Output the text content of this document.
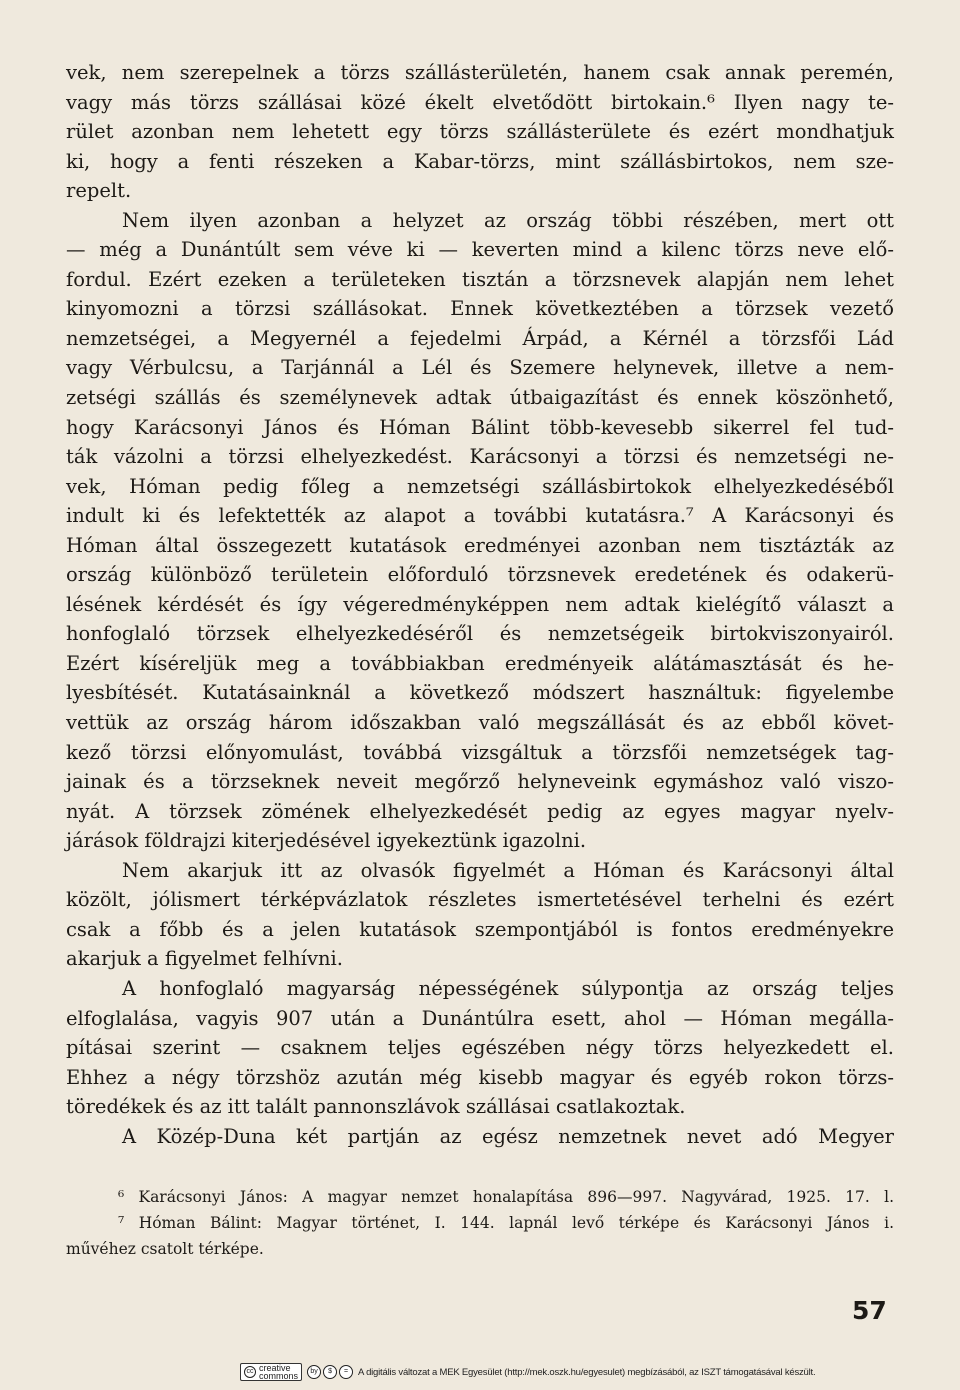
vek, nem szerepelnek a törzs szállásterületén, hanem csak annak peremén,
vagy más törzs szállásai közé ékelt elvetődött birtokain.⁶ Ilyen nagy te-
rület azonban nem lehetett egy törzs szállásterülete és ezért mondhatjuk
ki, hogy a fenti részeken a Kabar-törzs, mint szállásbirtokos, nem sze-
repelt.
Nem ilyen azonban a helyzet az ország többi részében, mert ott
— még a Dunántúlt sem véve ki — keverten mind a kilenc törzs neve elő-
fordul. Ezért ezeken a területeken tisztán a törzsnevek alapján nem lehet
kinyomozni a törzsi szállásokat. Ennek következtében a törzsek vezető
nemzetségei, a Megyernél a fejedelmi Árpád, a Kérnél a törzsfői Lád
vagy Vérbulcsu, a Tarjánnál a Lél és Szemere helynevek, illetve a nem-
zetségi szállás és személynevek adtak útbaigazítást és ennek köszönhető,
hogy Karácsonyi János és Hóman Bálint több-kevesebb sikerrel fel tud-
ták vázolni a törzsi elhelyezkedést. Karácsonyi a törzsi és nemzetségi ne-
vek, Hóman pedig főleg a nemzetségi szállásbirtokok elhelyezkedéséből
indult ki és lefektették az alapot a további kutatásra.⁷ A Karácsonyi és
Hóman által összegezett kutatások eredményei azonban nem tisztázták az
ország különböző területein előforduló törzsnevek eredetének és odakerü-
lésének kérdését és így végeredményképpen nem adtak kielégítő választ a
honfoglaló törzsek elhelyezkedéséről és nemzetségeik birtokviszonyairól.
Ezért kíséreljük meg a továbbiakban eredményeik alátámasztását és he-
lyesbítését. Kutatásainknál a következő módszert használtuk: figyelembe
vettük az ország három időszakban való megszállását és az ebből követ-
kező törzsi előnyomulást, továbbá vizsgáltuk a törzsfői nemzetségek tag-
jainak és a törzseknek neveit megőrző helyneveink egymáshoz való viszo-
nyát. A törzsek zömének elhelyezkedését pedig az egyes magyar nyelv-
járások földrajzi kiterjedésével igyekeztünk igazolni.
Nem akarjuk itt az olvasók figyelmét a Hóman és Karácsonyi által
közölt, jólismert térképvázlatok részletes ismertetésével terhelni és ezért
csak a főbb és a jelen kutatások szempontjából is fontos eredményekre
akarjuk a figyelmet felhívni.
A honfoglaló magyarság népességének súlypontja az ország teljes
elfoglalása, vagyis 907 után a Dunántúlra esett, ahol — Hóman megálla-
pításai szerint — csaknem teljes egészében négy törzs helyezkedett el.
Ehhez a négy törzshöz azután még kisebb magyar és egyéb rokon törzs-
töredékek és az itt talált pannonszlávok szállásai csatlakoztak.
A Közép-Duna két partján az egész nemzetnek nevet adó Megyer
⁶ Karácsonyi János: A magyar nemzet honalapítása 896—997. Nagyvárad, 1925. 17. l.
⁷ Hóman Bálint: Magyar történet, I. 144. lapnál levő térképe és Karácsonyi János i.
művéhez csatolt térképe.
57
cc creative
commons	by	$	=	A digitális változat a MEK Egyesület (http://mek.oszk.hu/egyesulet) megbízásából, az ISZT támogatásával készült.
